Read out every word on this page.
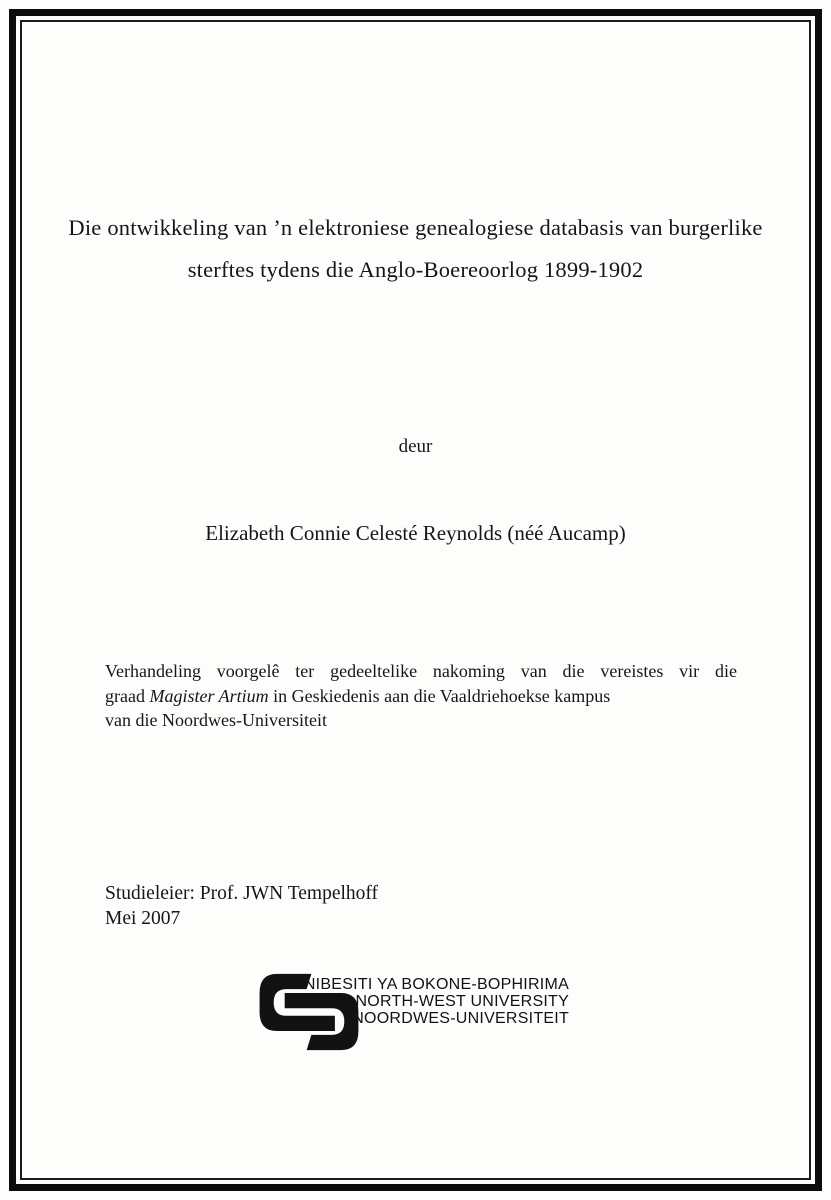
Die ontwikkeling van ’n elektroniese genealogiese databasis van burgerlike sterftes tydens die Anglo-Boereoorlog 1899-1902
deur
Elizabeth Connie Celesté Reynolds (néé Aucamp)
Verhandeling voorgelê ter gedeeltelike nakoming van die vereistes vir die
graad Magister Artium in Geskiedenis aan die Vaaldriehoekse kampus
van die Noordwes-Universiteit
Studieleier: Prof. JWN Tempelhoff
Mei 2007
YUNIBESITI YA BOKONE-BOPHIRIMA
NORTH-WEST UNIVERSITY
NOORDWES-UNIVERSITEIT
